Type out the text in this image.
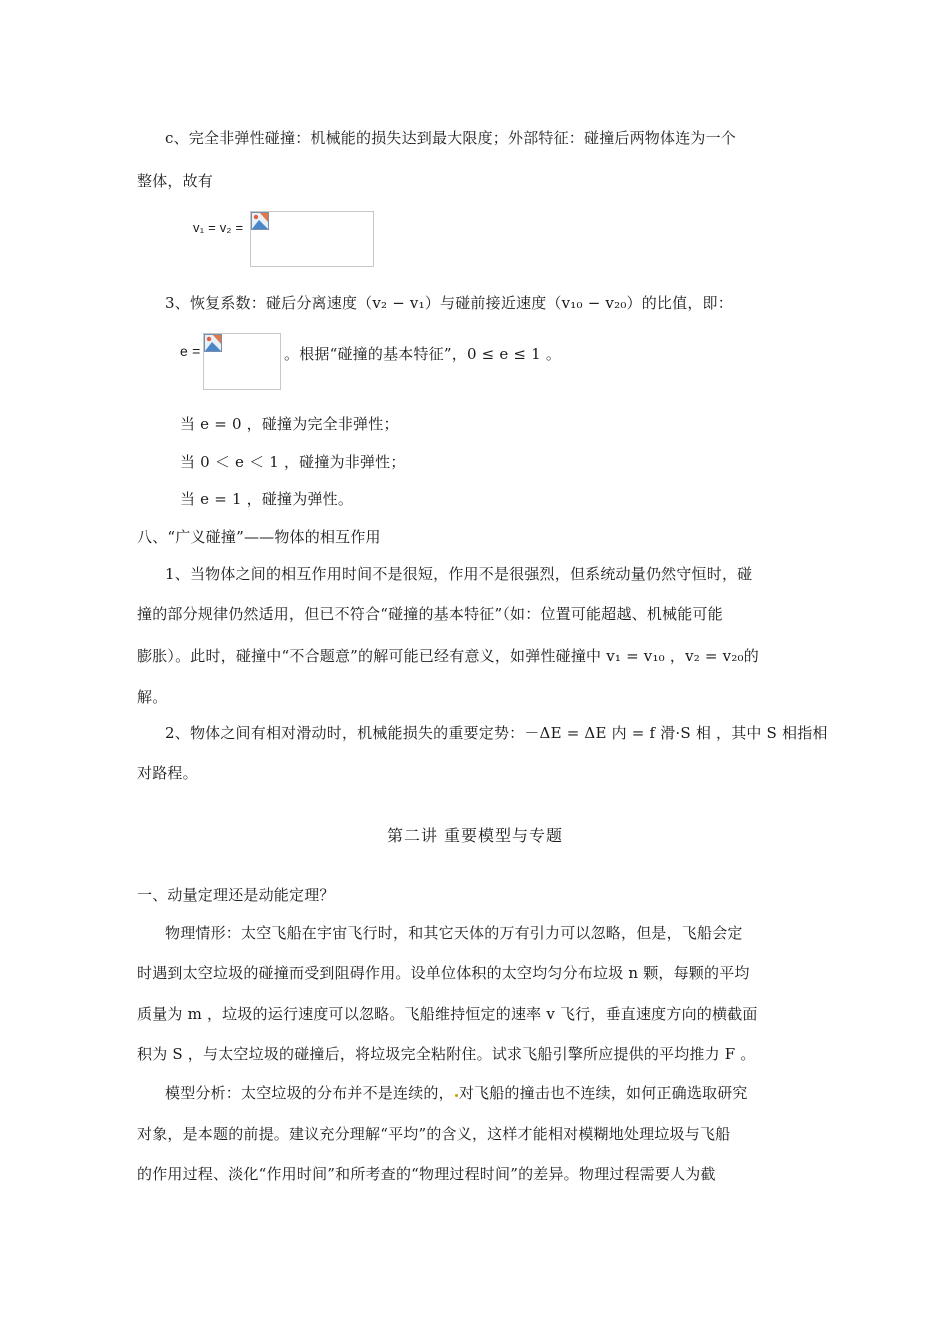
c、完全非弹性碰撞：机械能的损失达到最大限度；外部特征：碰撞后两物体连为一个
整体，故有
v₁ = v₂ =
3、恢复系数：碰后分离速度（v₂ − v₁）与碰前接近速度（v₁₀ − v₂₀）的比值，即：
e =	。根据“碰撞的基本特征”，0 ≤ e ≤ 1 。
当 e = 0 ，碰撞为完全非弹性；
当 0 ＜ e ＜ 1 ，碰撞为非弹性；
当 e = 1 ，碰撞为弹性。
八、“广义碰撞”——物体的相互作用
1、当物体之间的相互作用时间不是很短，作用不是很强烈，但系统动量仍然守恒时，碰
撞的部分规律仍然适用，但已不符合“碰撞的基本特征”（如：位置可能超越、机械能可能
膨胀）。此时，碰撞中“不合题意”的解可能已经有意义，如弹性碰撞中 v₁ = v₁₀ ，v₂ = v₂₀的
解。
2、物体之间有相对滑动时，机械能损失的重要定势：－ΔE = ΔE 内 = f 滑·S 相 ，其中 S 相指相
对路程。
第二讲 重要模型与专题
一、动量定理还是动能定理？
物理情形：太空飞船在宇宙飞行时，和其它天体的万有引力可以忽略，但是，飞船会定
时遇到太空垃圾的碰撞而受到阻碍作用。设单位体积的太空均匀分布垃圾 n 颗，每颗的平均
质量为 m ，垃圾的运行速度可以忽略。飞船维持恒定的速率 v 飞行，垂直速度方向的横截面
积为 S ，与太空垃圾的碰撞后，将垃圾完全粘附住。试求飞船引擎所应提供的平均推力 F 。
模型分析：太空垃圾的分布并不是连续的， 对飞船的撞击也不连续，如何正确选取研究
对象，是本题的前提。建议充分理解“平均”的含义，这样才能相对模糊地处理垃圾与飞船
的作用过程、淡化“作用时间”和所考查的“物理过程时间”的差异。物理过程需要人为截
